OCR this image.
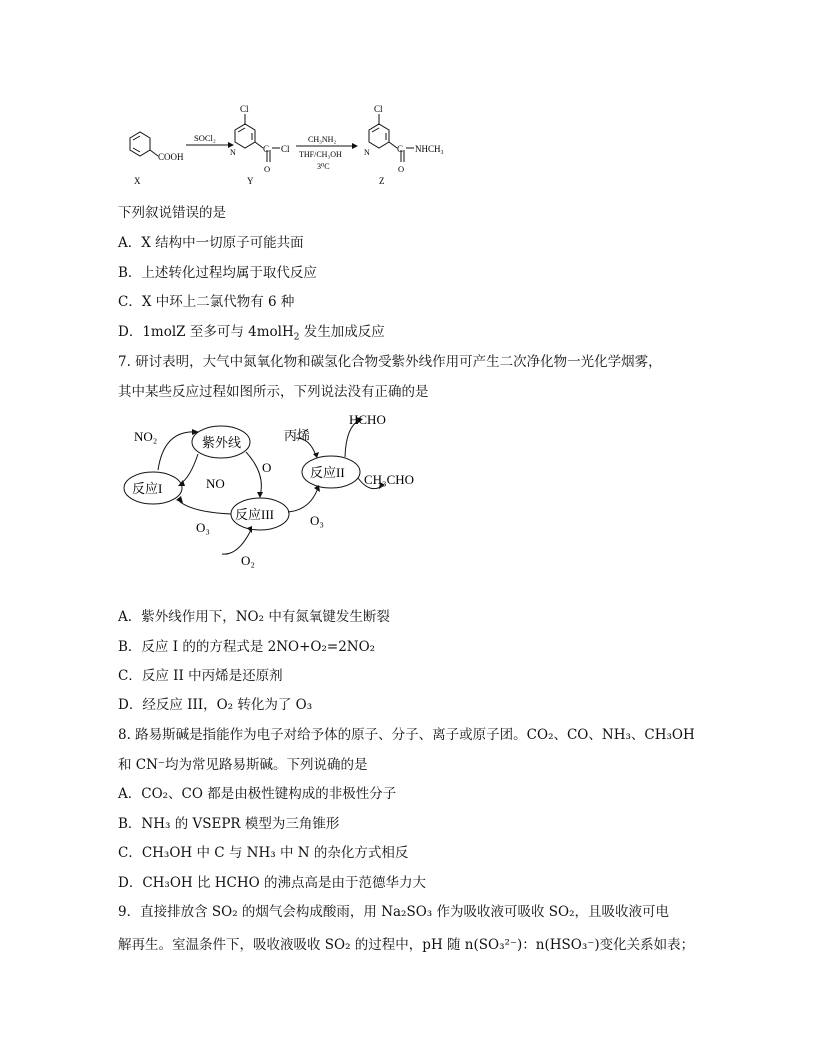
COOH
X
SOCl₂
Cl
N	C Cl
O
Y
CH₃NH₂
THF/CH₃OH
3⁰C
Cl
N	C NHCH₃
O
Z
下列叙说错误的是
A．X 结构中一切原子可能共面
B．上述转化过程均属于取代反应
C．X 中环上二氯代物有 6 种
D．1molZ 至多可与 4molH$_2$ 发生加成反应
7. 研讨表明，大气中氮氧化物和碳氢化合物受紫外线作用可产生二次净化物一光化学烟雾，
其中某些反应过程如图所示，下列说法没有正确的是
NO₂	紫外线
NO
O
反应I
反应III
O₃	O₃
O₂
丙烯
反应II
HCHO
CH₃CHO
A．紫外线作用下，NO₂ 中有氮氧键发生断裂
B．反应 I 的的方程式是 2NO+O₂=2NO₂
C．反应 II 中丙烯是还原剂
D．经反应 III，O₂ 转化为了 O₃
8. 路易斯碱是指能作为电子对给予体的原子、分子、离子或原子团。CO₂、CO、NH₃、CH₃OH
和 CN⁻均为常见路易斯碱。下列说确的是
A．CO₂、CO 都是由极性键构成的非极性分子
B．NH₃ 的 VSEPR 模型为三角锥形
C．CH₃OH 中 C 与 NH₃ 中 N 的杂化方式相反
D．CH₃OH 比 HCHO 的沸点高是由于范德华力大
9．直接排放含 SO₂ 的烟气会构成酸雨，用 Na₂SO₃ 作为吸收液可吸收 SO₂，且吸收液可电
解再生。室温条件下，吸收液吸收 SO₂ 的过程中，pH 随 n(SO₃²⁻)：n(HSO₃⁻)变化关系如表；
